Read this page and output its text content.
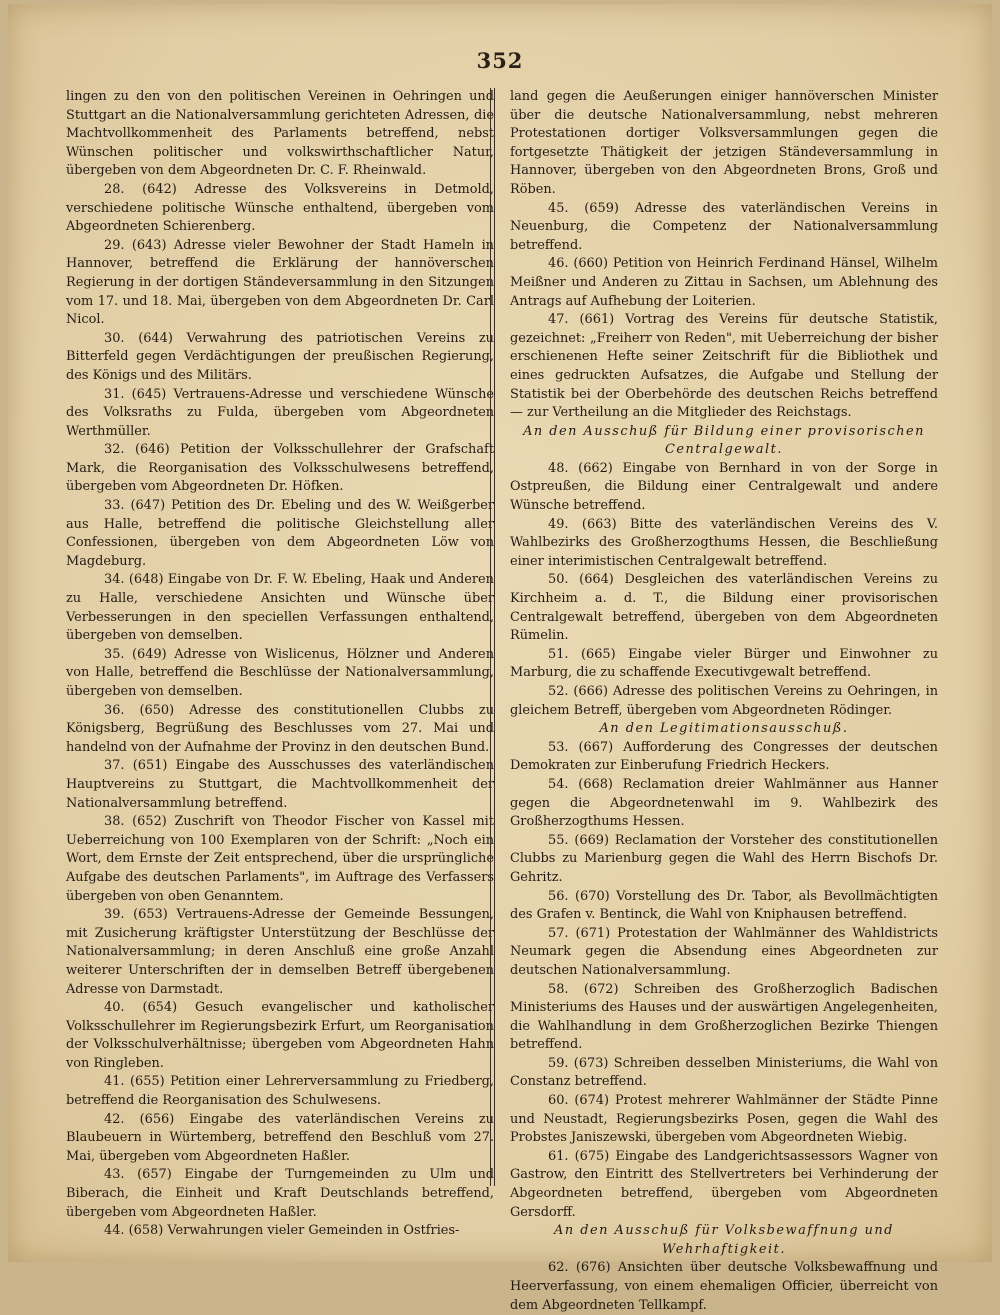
352

lingen zu den von den politischen Vereinen in Oehringen und Stuttgart an die Nationalversammlung gerichteten Adressen, die Machtvollkommenheit des Parlaments betreffend, nebst Wünschen politischer und volkswirthschaftlicher Natur, übergeben von dem Abgeordneten Dr. C. F. Rheinwald.

28. (642) Adresse des Volksvereins in Detmold, verschiedene politische Wünsche enthaltend, übergeben vom Abgeordneten Schierenberg.

29. (643) Adresse vieler Bewohner der Stadt Hameln in Hannover, betreffend die Erklärung der hannöverschen Regierung in der dortigen Ständeversammlung in den Sitzungen vom 17. und 18. Mai, übergeben von dem Abgeordneten Dr. Carl Nicol.

30. (644) Verwahrung des patriotischen Vereins zu Bitterfeld gegen Verdächtigungen der preußischen Regierung, des Königs und des Militärs.

31. (645) Vertrauens-Adresse und verschiedene Wünsche des Volksraths zu Fulda, übergeben vom Abgeordneten Werthmüller.

32. (646) Petition der Volksschullehrer der Grafschaft Mark, die Reorganisation des Volksschulwesens betreffend, übergeben vom Abgeordneten Dr. Höfken.

33. (647) Petition des Dr. Ebeling und des W. Weißgerber aus Halle, betreffend die politische Gleichstellung aller Confessionen, übergeben von dem Abgeordneten Löw von Magdeburg.

34. (648) Eingabe von Dr. F. W. Ebeling, Haak und Anderen zu Halle, verschiedene Ansichten und Wünsche über Verbesserungen in den speciellen Verfassungen enthaltend, übergeben von demselben.

35. (649) Adresse von Wislicenus, Hölzner und Anderen von Halle, betreffend die Beschlüsse der Nationalversammlung, übergeben von demselben.

36. (650) Adresse des constitutionellen Clubbs zu Königsberg, Begrüßung des Beschlusses vom 27. Mai und handelnd von der Aufnahme der Provinz in den deutschen Bund.

37. (651) Eingabe des Ausschusses des vaterländischen Hauptvereins zu Stuttgart, die Machtvollkommenheit der Nationalversammlung betreffend.

38. (652) Zuschrift von Theodor Fischer von Kassel mit Ueberreichung von 100 Exemplaren von der Schrift: „Noch ein Wort, dem Ernste der Zeit entsprechend, über die ursprüngliche Aufgabe des deutschen Parlaments", im Auftrage des Verfassers übergeben von oben Genanntem.

39. (653) Vertrauens-Adresse der Gemeinde Bessungen, mit Zusicherung kräftigster Unterstützung der Beschlüsse der Nationalversammlung; in deren Anschluß eine große Anzahl weiterer Unterschriften der in demselben Betreff übergebenen Adresse von Darmstadt.

40. (654) Gesuch evangelischer und katholischer Volksschullehrer im Regierungsbezirk Erfurt, um Reorganisation der Volksschulverhältnisse; übergeben vom Abgeordneten Hahn von Ringleben.

41. (655) Petition einer Lehrerversammlung zu Friedberg, betreffend die Reorganisation des Schulwesens.

42. (656) Eingabe des vaterländischen Vereins zu Blaubeuern in Würtemberg, betreffend den Beschluß vom 27. Mai, übergeben vom Abgeordneten Haßler.

43. (657) Eingabe der Turngemeinden zu Ulm und Biberach, die Einheit und Kraft Deutschlands betreffend, übergeben vom Abgeordneten Haßler.

44. (658) Verwahrungen vieler Gemeinden in Ostfries-

land gegen die Aeußerungen einiger hannöverschen Minister über die deutsche Nationalversammlung, nebst mehreren Protestationen dortiger Volksversammlungen gegen die fortgesetzte Thätigkeit der jetzigen Ständeversammlung in Hannover, übergeben von den Abgeordneten Brons, Groß und Röben.

45. (659) Adresse des vaterländischen Vereins in Neuenburg, die Competenz der Nationalversammlung betreffend.

46. (660) Petition von Heinrich Ferdinand Hänsel, Wilhelm Meißner und Anderen zu Zittau in Sachsen, um Ablehnung des Antrags auf Aufhebung der Loiterien.

47. (661) Vortrag des Vereins für deutsche Statistik, gezeichnet: „Freiherr von Reden", mit Ueberreichung der bisher erschienenen Hefte seiner Zeitschrift für die Bibliothek und eines gedruckten Aufsatzes, die Aufgabe und Stellung der Statistik bei der Oberbehörde des deutschen Reichs betreffend — zur Vertheilung an die Mitglieder des Reichstags.

An den Ausschuß für Bildung einer provisorischen Centralgewalt.

48. (662) Eingabe von Bernhard in von der Sorge in Ostpreußen, die Bildung einer Centralgewalt und andere Wünsche betreffend.

49. (663) Bitte des vaterländischen Vereins des V. Wahlbezirks des Großherzogthums Hessen, die Beschließung einer interimistischen Centralgewalt betreffend.

50. (664) Desgleichen des vaterländischen Vereins zu Kirchheim a. d. T., die Bildung einer provisorischen Centralgewalt betreffend, übergeben von dem Abgeordneten Rümelin.

51. (665) Eingabe vieler Bürger und Einwohner zu Marburg, die zu schaffende Executivgewalt betreffend.

52. (666) Adresse des politischen Vereins zu Oehringen, in gleichem Betreff, übergeben vom Abgeordneten Rödinger.

An den Legitimationsausschuß.

53. (667) Aufforderung des Congresses der deutschen Demokraten zur Einberufung Friedrich Heckers.

54. (668) Reclamation dreier Wahlmänner aus Hanner gegen die Abgeordnetenwahl im 9. Wahlbezirk des Großherzogthums Hessen.

55. (669) Reclamation der Vorsteher des constitutionellen Clubbs zu Marienburg gegen die Wahl des Herrn Bischofs Dr. Gehritz.

56. (670) Vorstellung des Dr. Tabor, als Bevollmächtigten des Grafen v. Bentinck, die Wahl von Kniphausen betreffend.

57. (671) Protestation der Wahlmänner des Wahldistricts Neumark gegen die Absendung eines Abgeordneten zur deutschen Nationalversammlung.

58. (672) Schreiben des Großherzoglich Badischen Ministeriums des Hauses und der auswärtigen Angelegenheiten, die Wahlhandlung in dem Großherzoglichen Bezirke Thiengen betreffend.

59. (673) Schreiben desselben Ministeriums, die Wahl von Constanz betreffend.

60. (674) Protest mehrerer Wahlmänner der Städte Pinne und Neustadt, Regierungsbezirks Posen, gegen die Wahl des Probstes Janiszewski, übergeben vom Abgeordneten Wiebig.

61. (675) Eingabe des Landgerichtsassessors Wagner von Gastrow, den Eintritt des Stellvertreters bei Verhinderung der Abgeordneten betreffend, übergeben vom Abgeordneten Gersdorff.

An den Ausschuß für Volksbewaffnung und Wehrhaftigkeit.

62. (676) Ansichten über deutsche Volksbewaffnung und Heerverfassung, von einem ehemaligen Officier, überreicht von dem Abgeordneten Tellkampf.
